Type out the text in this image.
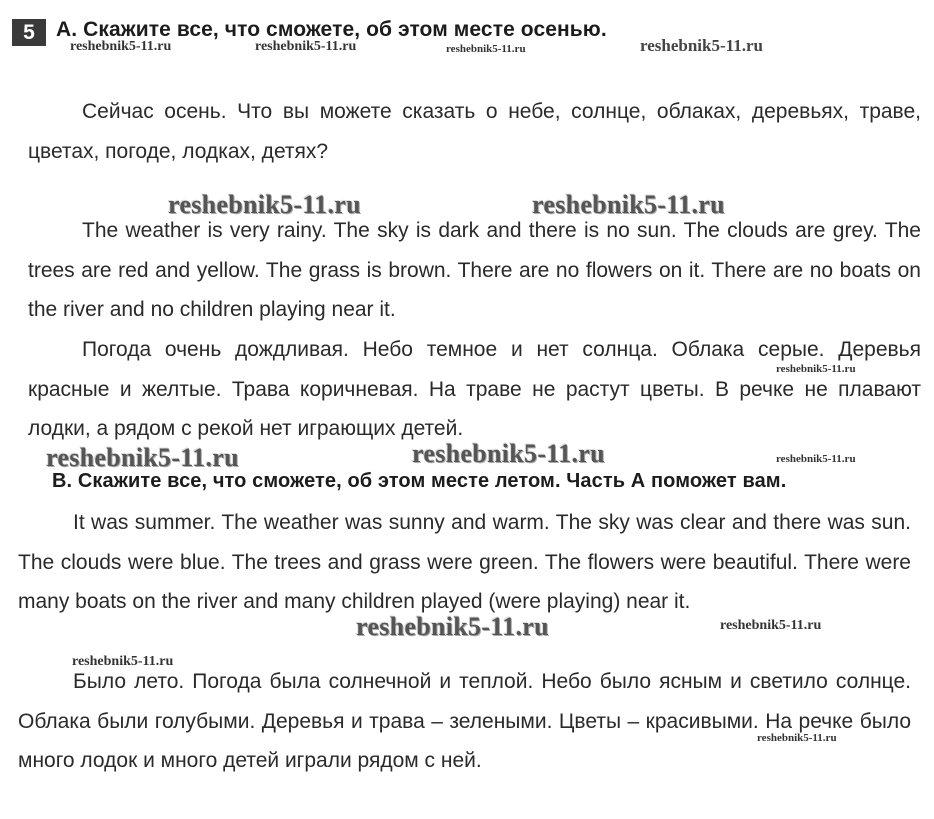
5	А. Скажите все, что сможете, об этом месте осенью.
reshebnik5-11.ru	reshebnik5-11.ru	reshebnik5-11.ru	reshebnik5-11.ru

Сейчас осень. Что вы можете сказать о небе, солнце, облаках, деревьях, траве, цветах, погоде, лодках, детях?

reshebnik5-11.ru	reshebnik5-11.ru

The weather is very rainy. The sky is dark and there is no sun. The clouds are grey. The trees are red and yellow. The grass is brown. There are no flowers on it. There are no boats on the river and no children playing near it.

Погода очень дождливая. Небо темное и нет солнца. Облака серые. Деревья красные и желтые. Трава коричневая. На траве не растут цветы. В речке не плавают лодки, а рядом с рекой нет играющих детей.

reshebnik5-11.ru
reshebnik5-11.ru	reshebnik5-11.ru	reshebnik5-11.ru
В. Скажите все, что сможете, об этом месте летом. Часть А поможет вам.

It was summer. The weather was sunny and warm. The sky was clear and there was sun. The clouds were blue. The trees and grass were green. The flowers were beautiful. There were many boats on the river and many children played (were playing) near it.

reshebnik5-11.ru	reshebnik5-11.ru
reshebnik5-11.ru

Было лето. Погода была солнечной и теплой. Небо было ясным и светило солнце. Облака были голубыми. Деревья и трава – зелеными. Цветы – красивыми. На речке было много лодок и много детей играли рядом с ней.

reshebnik5-11.ru
